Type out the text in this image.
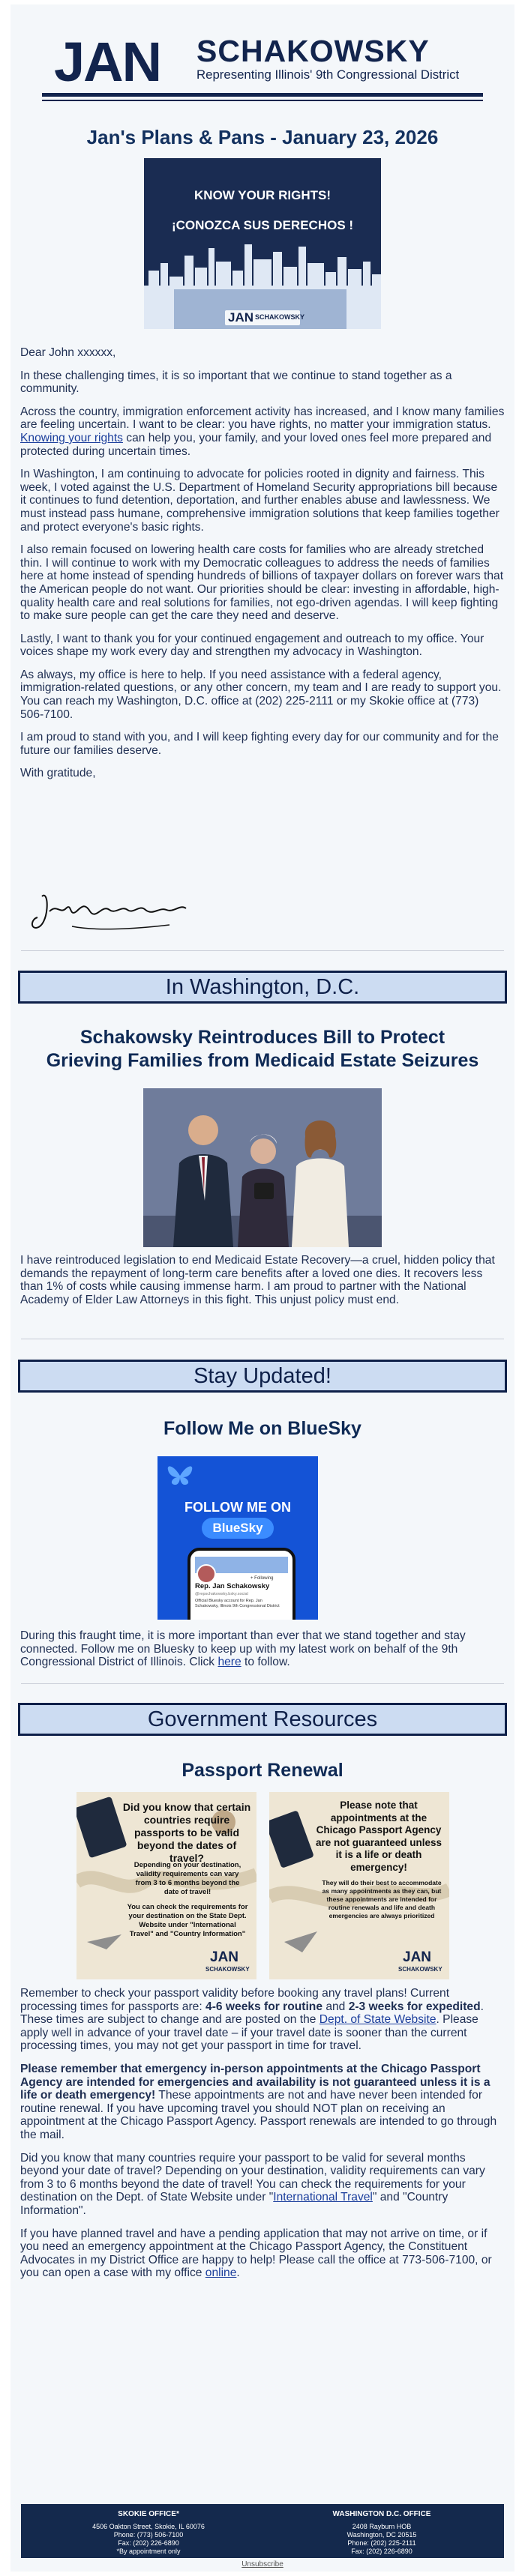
JAN SCHAKOWSKY
Representing Illinois' 9th Congressional District
Jan's Plans & Pans - January 23, 2026
KNOW YOUR RIGHTS!
¡CONOZCA SUS DERECHOS !
JAN SCHAKOWSKY

Dear John xxxxxx,

In these challenging times, it is so important that we continue to stand together as a community.

Across the country, immigration enforcement activity has increased, and I know many families are feeling uncertain. I want to be clear: you have rights, no matter your immigration status. Knowing your rights can help you, your family, and your loved ones feel more prepared and protected during uncertain times.

In Washington, I am continuing to advocate for policies rooted in dignity and fairness. This week, I voted against the U.S. Department of Homeland Security appropriations bill because it continues to fund detention, deportation, and further enables abuse and lawlessness. We must instead pass humane, comprehensive immigration solutions that keep families together and protect everyone's basic rights.

I also remain focused on lowering health care costs for families who are already stretched thin. I will continue to work with my Democratic colleagues to address the needs of families here at home instead of spending hundreds of billions of taxpayer dollars on forever wars that the American people do not want. Our priorities should be clear: investing in affordable, high-quality health care and real solutions for families, not ego-driven agendas. I will keep fighting to make sure people can get the care they need and deserve.

Lastly, I want to thank you for your continued engagement and outreach to my office. Your voices shape my work every day and strengthen my advocacy in Washington.

As always, my office is here to help. If you need assistance with a federal agency, immigration-related questions, or any other concern, my team and I are ready to support you. You can reach my Washington, D.C. office at (202) 225-2111 or my Skokie office at (773) 506-7100.

I am proud to stand with you, and I will keep fighting every day for our community and for the future our families deserve.

With gratitude,

In Washington, D.C.
Schakowsky Reintroduces Bill to Protect Grieving Families from Medicaid Estate Seizures

I have reintroduced legislation to end Medicaid Estate Recovery—a cruel, hidden policy that demands the repayment of long-term care benefits after a loved one dies. It recovers less than 1% of costs while causing immense harm. I am proud to partner with the National Academy of Elder Law Attorneys in this fight. This unjust policy must end.

Stay Updated!
Follow Me on BlueSky
FOLLOW ME ON
BlueSky
+ Following
Rep. Jan Schakowsky
@repschakowsky.bsky.social
Official Bluesky account for Rep. Jan Schakowsky, Illinois 9th Congressional District

During this fraught time, it is more important than ever that we stand together and stay connected. Follow me on Bluesky to keep up with my latest work on behalf of the 9th Congressional District of Illinois. Click here to follow.

Government Resources
Passport Renewal
Did you know that certain countries require passports to be valid beyond the dates of travel?
Depending on your destination, validity requirements can vary from 3 to 6 months beyond the date of travel!
You can check the requirements for your destination on the State Dept. Website under "International Travel" and "Country Information"
JAN
SCHAKOWSKY
Please note that appointments at the Chicago Passport Agency are not guaranteed unless it is a life or death emergency!
They will do their best to accommodate as many appointments as they can, but these appointments are intended for routine renewals and life and death emergencies are always prioritized
JAN
SCHAKOWSKY

Remember to check your passport validity before booking any travel plans! Current processing times for passports are: 4-6 weeks for routine and 2-3 weeks for expedited. These times are subject to change and are posted on the Dept. of State Website. Please apply well in advance of your travel date – if your travel date is sooner than the current processing times, you may not get your passport in time for travel.

Please remember that emergency in-person appointments at the Chicago Passport Agency are intended for emergencies and availability is not guaranteed unless it is a life or death emergency! These appointments are not and have never been intended for routine renewal. If you have upcoming travel you should NOT plan on receiving an appointment at the Chicago Passport Agency. Passport renewals are intended to go through the mail.

Did you know that many countries require your passport to be valid for several months beyond your date of travel? Depending on your destination, validity requirements can vary from 3 to 6 months beyond the date of travel! You can check the requirements for your destination on the Dept. of State Website under "International Travel" and "Country Information".

If you have planned travel and have a pending application that may not arrive on time, or if you need an emergency appointment at the Chicago Passport Agency, the Constituent Advocates in my District Office are happy to help! Please call the office at 773-506-7100, or you can open a case with my office online.

SKOKIE OFFICE*
4506 Oakton Street, Skokie, IL 60076
Phone: (773) 506-7100
Fax: (202) 226-6890
*By appointment only
WASHINGTON D.C. OFFICE
2408 Rayburn HOB
Washington, DC 20515
Phone: (202) 225-2111
Fax: (202) 226-6890
Unsubscribe
